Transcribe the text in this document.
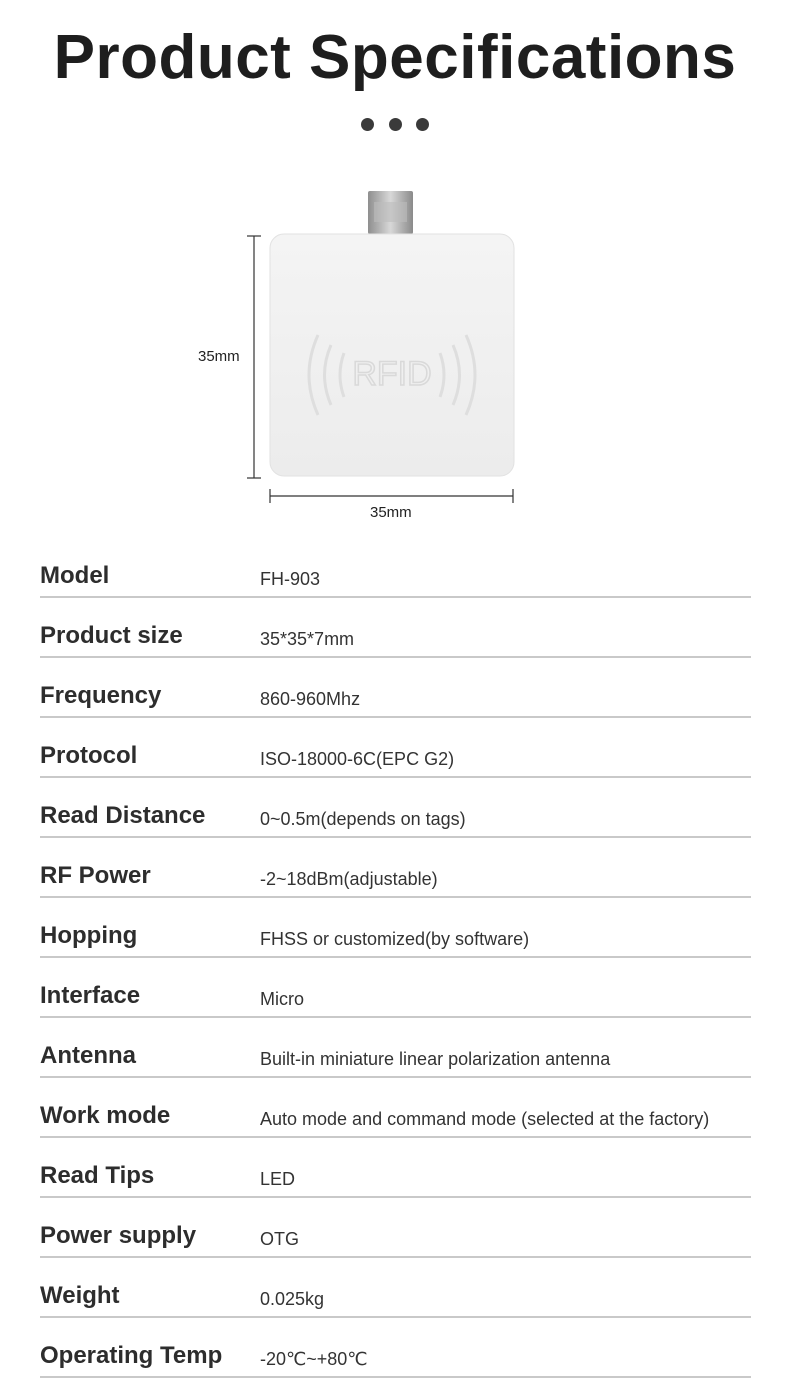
Product Specifications

RFID
35mm
35mm
Model	FH-903
Product size	35*35*7mm
Frequency	860-960Mhz
Protocol	ISO-18000-6C(EPC G2)
Read Distance	0~0.5m(depends on tags)
RF Power	-2~18dBm(adjustable)
Hopping	FHSS or customized(by software)
Interface	Micro
Antenna	Built-in miniature linear polarization antenna
Work mode	Auto mode and command mode (selected at the factory)
Read Tips	LED
Power supply	OTG
Weight	0.025kg
Operating Temp -20℃~+80℃
